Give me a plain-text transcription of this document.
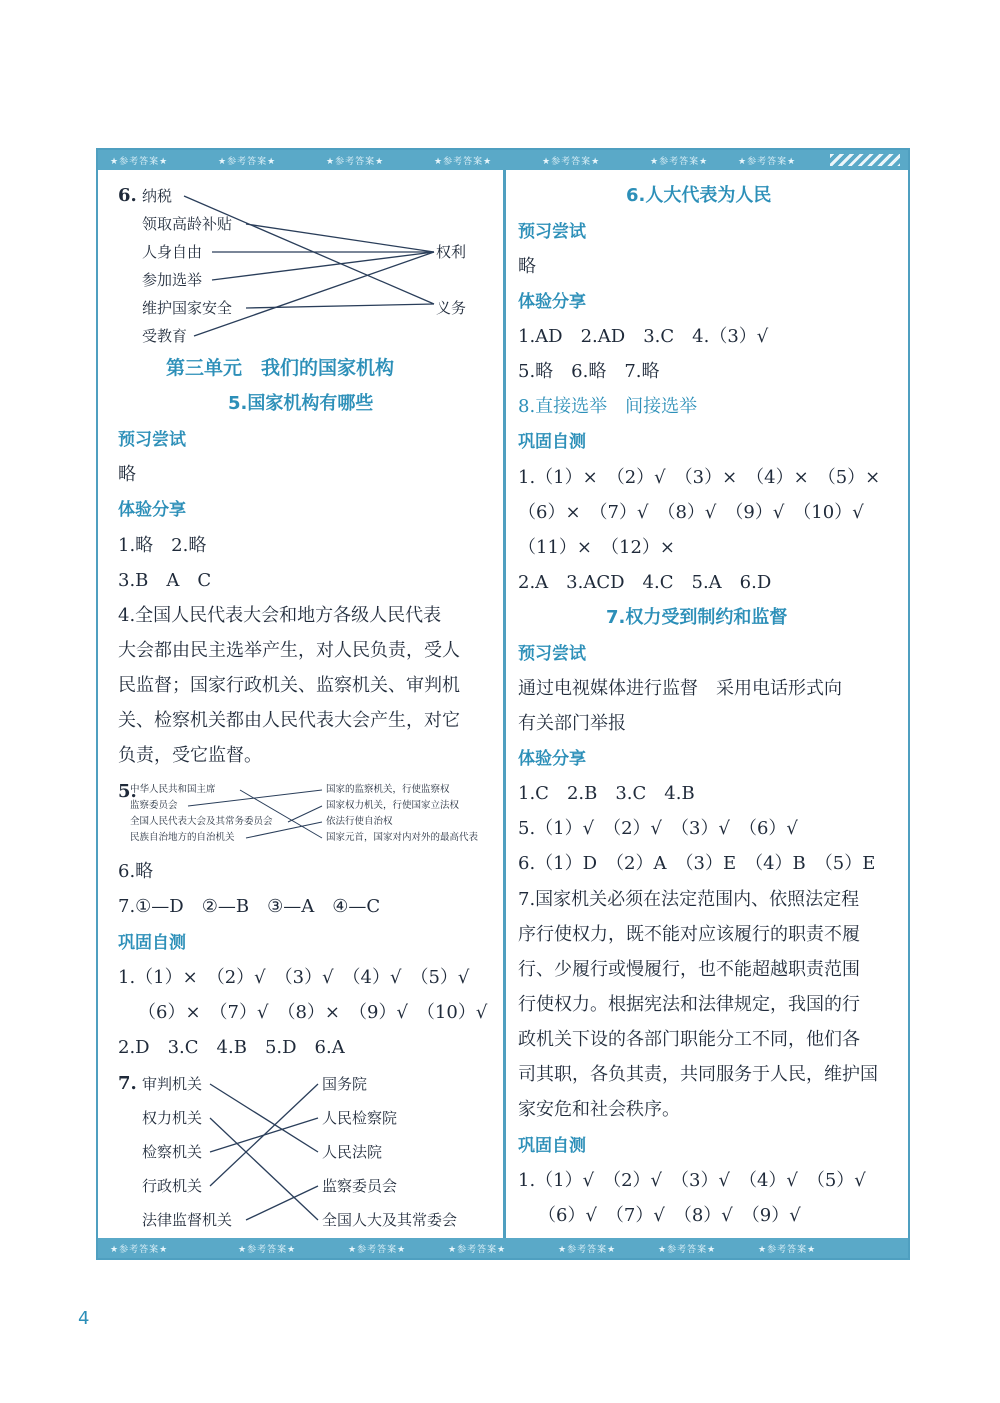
★参考答案★	★参考答案★	★参考答案★	★参考答案★	★参考答案★	★参考答案★	★参考答案★
6. 纳税
领取高龄补贴
人身自由
参加选举
维护国家安全
受教育
权利
义务
第三单元　我们的国家机构
5.国家机构有哪些
预习尝试
略
体验分享
1.略　2.略
3.B　A　C
4.全国人民代表大会和地方各级人民代表
大会都由民主选举产生，对人民负责，受人
民监督；国家行政机关、监察机关、审判机
关、检察机关都由人民代表大会产生，对它
负责，受它监督。
5.
中华人民共和国主席
监察委员会
全国人民代表大会及其常务委员会
民族自治地方的自治机关
国家的监察机关，行使监察权
国家权力机关，行使国家立法权
依法行使自治权
国家元首，国家对内对外的最高代表
6.略
7.①—D　②—B　③—A　④—C
巩固自测
1.（1）×　（2）√　（3）√　（4）√　（5）√
（6）×　（7）√　（8）×　（9）√　（10）√
2.D　3.C　4.B　5.D　6.A
7. 审判机关
权力机关
检察机关
行政机关
法律监督机关
国务院
人民检察院
人民法院
监察委员会
全国人大及其常委会
6.人大代表为人民
预习尝试
略
体验分享
1.AD　2.AD　3.C　4.（3）√
5.略　6.略　7.略
8.直接选举　间接选举
巩固自测
1.（1）×　（2）√　（3）×　（4）×　（5）×
（6）×　（7）√　（8）√　（9）√　（10）√
（11）×　（12）×
2.A　3.ACD　4.C　5.A　6.D
7.权力受到制约和监督
预习尝试
通过电视媒体进行监督　采用电话形式向
有关部门举报
体验分享
1.C　2.B　3.C　4.B
5.（1）√　（2）√　（3）√　（6）√
6.（1）D　（2）A　（3）E　（4）B　（5）E
7.国家机关必须在法定范围内、依照法定程
序行使权力，既不能对应该履行的职责不履
行、少履行或慢履行，也不能超越职责范围
行使权力。根据宪法和法律规定，我国的行
政机关下设的各部门职能分工不同，他们各
司其职，各负其责，共同服务于人民，维护国
家安危和社会秩序。
巩固自测
1.（1）√　（2）√　（3）√　（4）√　（5）√
（6）√　（7）√　（8）√　（9）√
★参考答案★	★参考答案★	★参考答案★	★参考答案★	★参考答案★	★参考答案★	★参考答案★
4
